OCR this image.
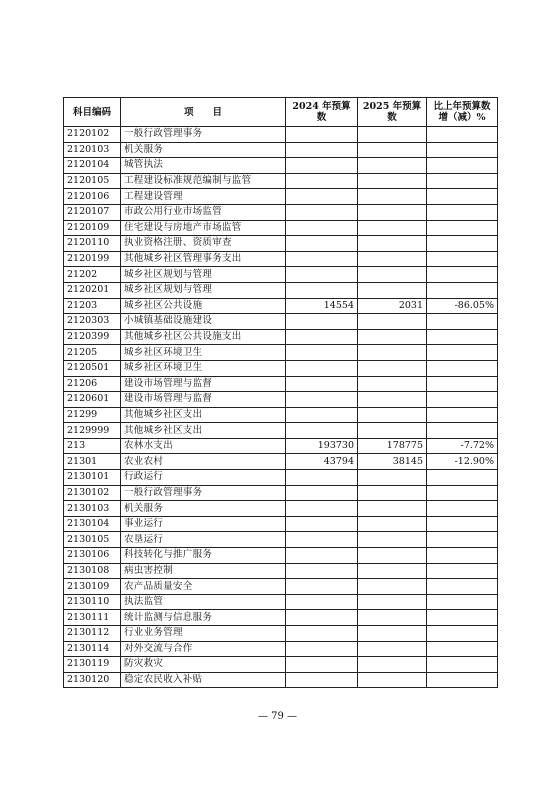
科目编码	项　　目	2024 年预算数	2025 年预算数	比上年预算数增（减）%
2120102	一般行政管理事务			
2120103	机关服务			
2120104	城管执法			
2120105	工程建设标准规范编制与监管			
2120106	工程建设管理			
2120107	市政公用行业市场监管			
2120109	住宅建设与房地产市场监管			
2120110	执业资格注册、资质审查			
2120199	其他城乡社区管理事务支出			
21202	城乡社区规划与管理			
2120201	城乡社区规划与管理			
21203	城乡社区公共设施	14554	2031	-86.05%
2120303	小城镇基础设施建设			
2120399	其他城乡社区公共设施支出			
21205	城乡社区环境卫生			
2120501	城乡社区环境卫生			
21206	建设市场管理与监督			
2120601	建设市场管理与监督			
21299	其他城乡社区支出			
2129999	其他城乡社区支出			
213	农林水支出	193730	178775	-7.72%
21301	农业农村	43794	38145	-12.90%
2130101	行政运行			
2130102	一般行政管理事务			
2130103	机关服务			
2130104	事业运行			
2130105	农垦运行			
2130106	科技转化与推广服务			
2130108	病虫害控制			
2130109	农产品质量安全			
2130110	执法监管			
2130111	统计监测与信息服务			
2130112	行业业务管理			
2130114	对外交流与合作			
2130119	防灾救灾			
2130120	稳定农民收入补贴			
— 79 —
